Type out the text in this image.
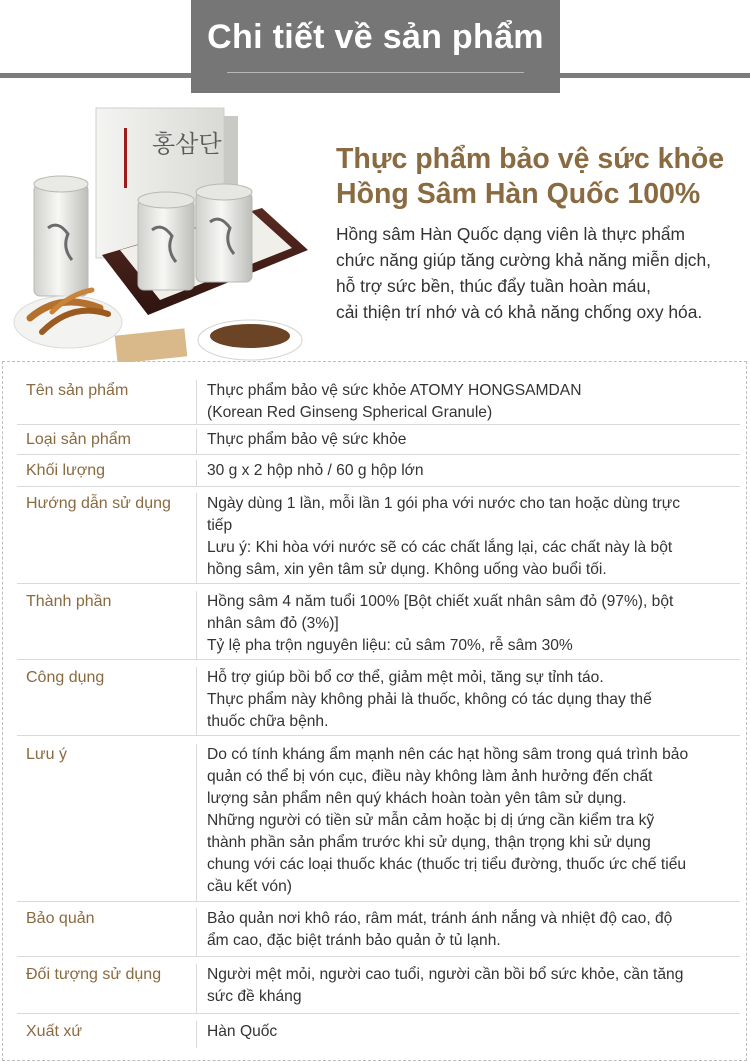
Chi tiết về sản phẩm
홍삼단	Thực phẩm bảo vệ sức khỏe
Hồng Sâm Hàn Quốc 100%
Hồng sâm Hàn Quốc dạng viên là thực phẩm
chức năng giúp tăng cường khả năng miễn dịch,
hỗ trợ sức bền, thúc đẩy tuần hoàn máu,
cải thiện trí nhớ và có khả năng chống oxy hóa.
Tên sản phẩm	Thực phẩm bảo vệ sức khỏe ATOMY HONGSAMDAN
(Korean Red Ginseng Spherical Granule)
Loại sản phẩm	Thực phẩm bảo vệ sức khỏe
Khối lượng	30 g x 2 hộp nhỏ / 60 g hộp lớn
Hướng dẫn sử dụng	Ngày dùng 1 lần, mỗi lần 1 gói pha với nước cho tan hoặc dùng trực
tiếp
Lưu ý: Khi hòa với nước sẽ có các chất lắng lại, các chất này là bột
hồng sâm, xin yên tâm sử dụng. Không uống vào buổi tối.
Thành phần	Hồng sâm 4 năm tuổi 100% [Bột chiết xuất nhân sâm đỏ (97%), bột
nhân sâm đỏ (3%)]
Tỷ lệ pha trộn nguyên liệu: củ sâm 70%, rễ sâm 30%
Công dụng	Hỗ trợ giúp bồi bổ cơ thể, giảm mệt mỏi, tăng sự tỉnh táo.
Thực phẩm này không phải là thuốc, không có tác dụng thay thế
thuốc chữa bệnh.
Lưu ý	Do có tính kháng ẩm mạnh nên các hạt hồng sâm trong quá trình bảo
quản có thể bị vón cục, điều này không làm ảnh hưởng đến chất
lượng sản phẩm nên quý khách hoàn toàn yên tâm sử dụng.
Những người có tiền sử mẫn cảm hoặc bị dị ứng cần kiểm tra kỹ
thành phần sản phẩm trước khi sử dụng, thận trọng khi sử dụng
chung với các loại thuốc khác (thuốc trị tiểu đường, thuốc ức chế tiểu
cầu kết vón)
Bảo quản	Bảo quản nơi khô ráo, râm mát, tránh ánh nắng và nhiệt độ cao, độ
ẩm cao, đặc biệt tránh bảo quản ở tủ lạnh.
Đối tượng sử dụng	Người mệt mỏi, người cao tuổi, người cần bồi bổ sức khỏe, cần tăng
sức đề kháng
Xuất xứ	Hàn Quốc
